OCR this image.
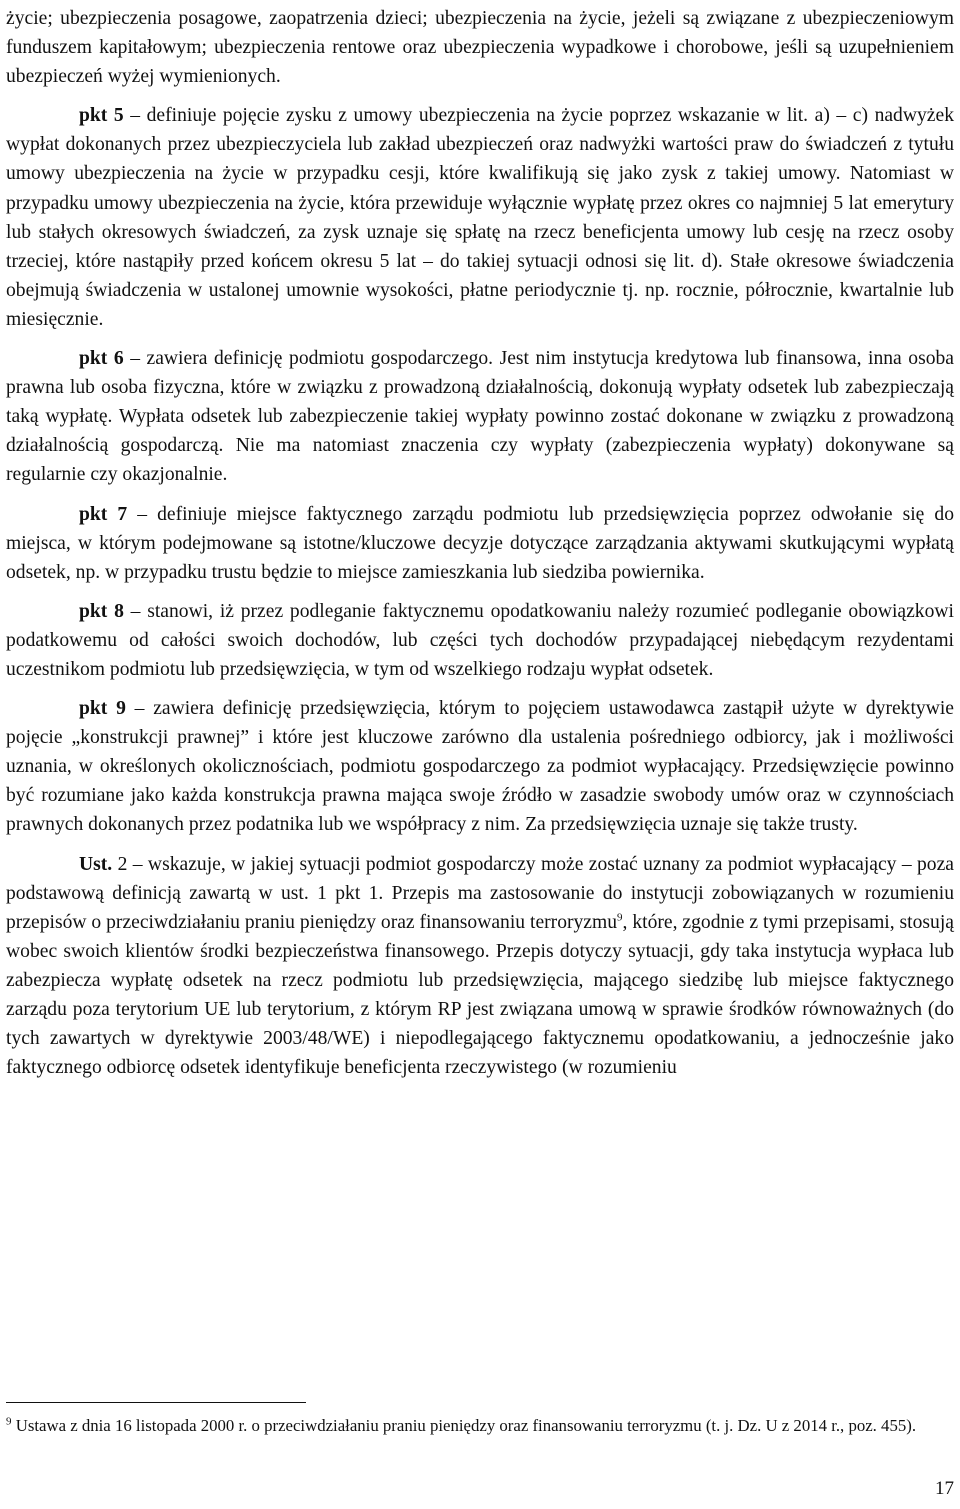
życie; ubezpieczenia posagowe, zaopatrzenia dzieci; ubezpieczenia na życie, jeżeli są związane z ubezpieczeniowym funduszem kapitałowym; ubezpieczenia rentowe oraz ubezpieczenia wypadkowe i chorobowe, jeśli są uzupełnieniem ubezpieczeń wyżej wymienionych.

pkt 5 – definiuje pojęcie zysku z umowy ubezpieczenia na życie poprzez wskazanie w lit. a) – c) nadwyżek wypłat dokonanych przez ubezpieczyciela lub zakład ubezpieczeń oraz nadwyżki wartości praw do świadczeń z tytułu umowy ubezpieczenia na życie w przypadku cesji, które kwalifikują się jako zysk z takiej umowy. Natomiast w przypadku umowy ubezpieczenia na życie, która przewiduje wyłącznie wypłatę przez okres co najmniej 5 lat emerytury lub stałych okresowych świadczeń, za zysk uznaje się spłatę na rzecz beneficjenta umowy lub cesję na rzecz osoby trzeciej, które nastąpiły przed końcem okresu 5 lat – do takiej sytuacji odnosi się lit. d). Stałe okresowe świadczenia obejmują świadczenia w ustalonej umownie wysokości, płatne periodycznie tj. np. rocznie, półrocznie, kwartalnie lub miesięcznie.

pkt 6 – zawiera definicję podmiotu gospodarczego. Jest nim instytucja kredytowa lub finansowa, inna osoba prawna lub osoba fizyczna, które w związku z prowadzoną działalnością, dokonują wypłaty odsetek lub zabezpieczają taką wypłatę. Wypłata odsetek lub zabezpieczenie takiej wypłaty powinno zostać dokonane w związku z prowadzoną działalnością gospodarczą. Nie ma natomiast znaczenia czy wypłaty (zabezpieczenia wypłaty) dokonywane są regularnie czy okazjonalnie.

pkt 7 – definiuje miejsce faktycznego zarządu podmiotu lub przedsięwzięcia poprzez odwołanie się do miejsca, w którym podejmowane są istotne/kluczowe decyzje dotyczące zarządzania aktywami skutkującymi wypłatą odsetek, np. w przypadku trustu będzie to miejsce zamieszkania lub siedziba powiernika.

pkt 8 – stanowi, iż przez podleganie faktycznemu opodatkowaniu należy rozumieć podleganie obowiązkowi podatkowemu od całości swoich dochodów, lub części tych dochodów przypadającej niebędącym rezydentami uczestnikom podmiotu lub przedsięwzięcia, w tym od wszelkiego rodzaju wypłat odsetek.

pkt 9 – zawiera definicję przedsięwzięcia, którym to pojęciem ustawodawca zastąpił użyte w dyrektywie pojęcie „konstrukcji prawnej” i które jest kluczowe zarówno dla ustalenia pośredniego odbiorcy, jak i możliwości uznania, w określonych okolicznościach, podmiotu gospodarczego za podmiot wypłacający. Przedsięwzięcie powinno być rozumiane jako każda konstrukcja prawna mająca swoje źródło w zasadzie swobody umów oraz w czynnościach prawnych dokonanych przez podatnika lub we współpracy z nim. Za przedsięwzięcia uznaje się także trusty.

Ust. 2 – wskazuje, w jakiej sytuacji podmiot gospodarczy może zostać uznany za podmiot wypłacający – poza podstawową definicją zawartą w ust. 1 pkt 1. Przepis ma zastosowanie do instytucji zobowiązanych w rozumieniu przepisów o przeciwdziałaniu praniu pieniędzy oraz finansowaniu terroryzmu$^9$, które, zgodnie z tymi przepisami, stosują wobec swoich klientów środki bezpieczeństwa finansowego. Przepis dotyczy sytuacji, gdy taka instytucja wypłaca lub zabezpiecza wypłatę odsetek na rzecz podmiotu lub przedsięwzięcia, mającego siedzibę lub miejsce faktycznego zarządu poza terytorium UE lub terytorium, z którym RP jest związana umową w sprawie środków równoważnych (do tych zawartych w dyrektywie 2003/48/WE) i niepodlegającego faktycznemu opodatkowaniu, a jednocześnie jako faktycznego odbiorcę odsetek identyfikuje beneficjenta rzeczywistego (w rozumieniu

$^9$ Ustawa z dnia 16 listopada 2000 r. o przeciwdziałaniu praniu pieniędzy oraz finansowaniu terroryzmu (t. j. Dz. U z 2014 r., poz. 455).

17
